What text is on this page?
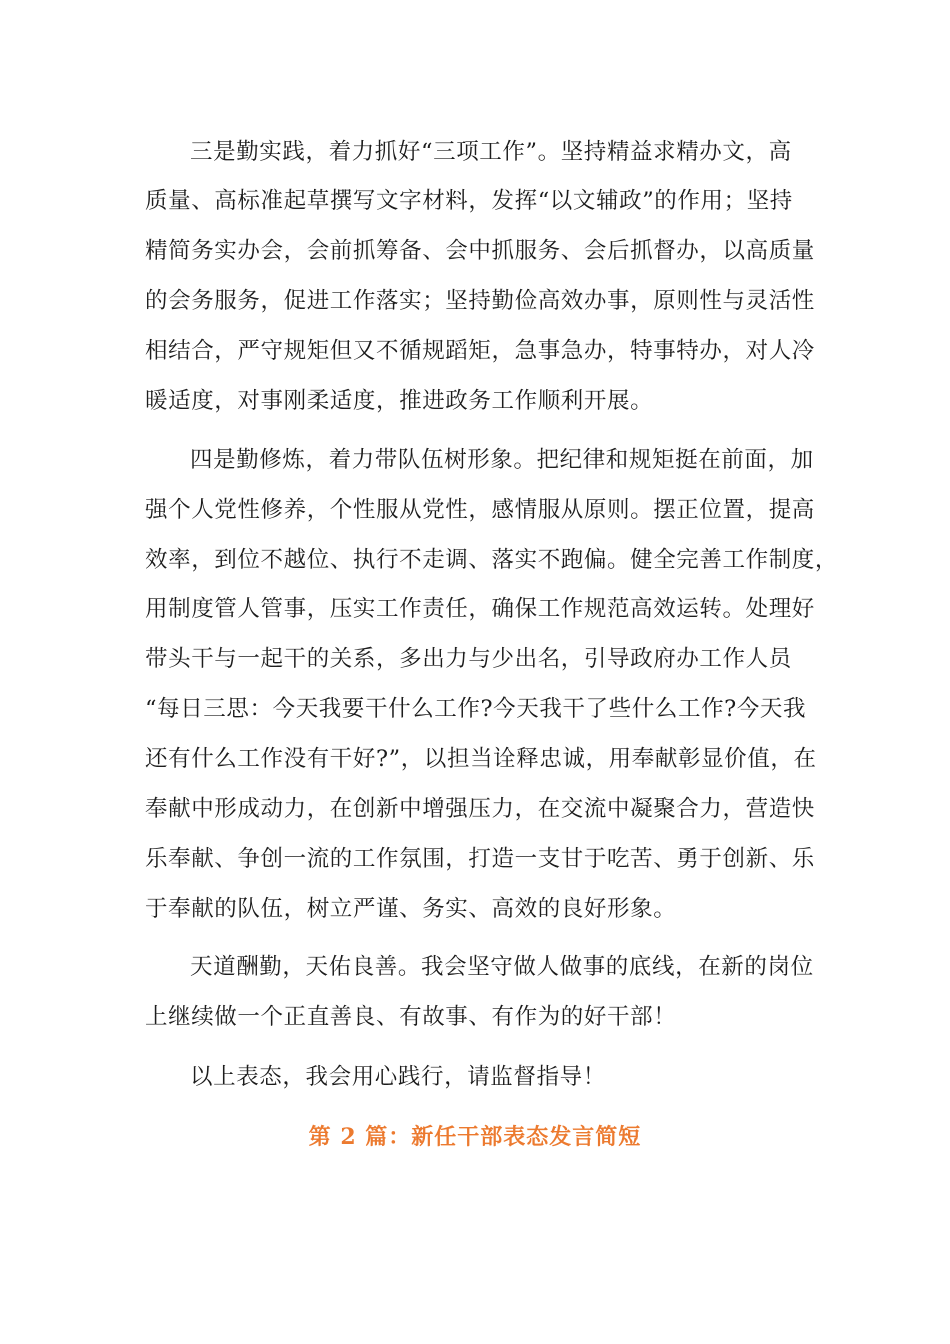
三是勤实践，着力抓好“三项工作”。坚持精益求精办文，高
质量、高标准起草撰写文字材料，发挥“以文辅政”的作用；坚持
精简务实办会，会前抓筹备、会中抓服务、会后抓督办，以高质量
的会务服务，促进工作落实；坚持勤俭高效办事，原则性与灵活性
相结合，严守规矩但又不循规蹈矩，急事急办，特事特办，对人冷
暖适度，对事刚柔适度，推进政务工作顺利开展。
四是勤修炼，着力带队伍树形象。把纪律和规矩挺在前面，加
强个人党性修养，个性服从党性，感情服从原则。摆正位置，提高
效率，到位不越位、执行不走调、落实不跑偏。健全完善工作制度，
用制度管人管事，压实工作责任，确保工作规范高效运转。处理好
带头干与一起干的关系，多出力与少出名，引导政府办工作人员
“每日三思：今天我要干什么工作?今天我干了些什么工作?今天我
还有什么工作没有干好?”，以担当诠释忠诚，用奉献彰显价值，在
奉献中形成动力，在创新中增强压力，在交流中凝聚合力，营造快
乐奉献、争创一流的工作氛围，打造一支甘于吃苦、勇于创新、乐
于奉献的队伍，树立严谨、务实、高效的良好形象。
天道酬勤，天佑良善。我会坚守做人做事的底线，在新的岗位
上继续做一个正直善良、有故事、有作为的好干部！
以上表态，我会用心践行，请监督指导！
第 2 篇：新任干部表态发言简短
